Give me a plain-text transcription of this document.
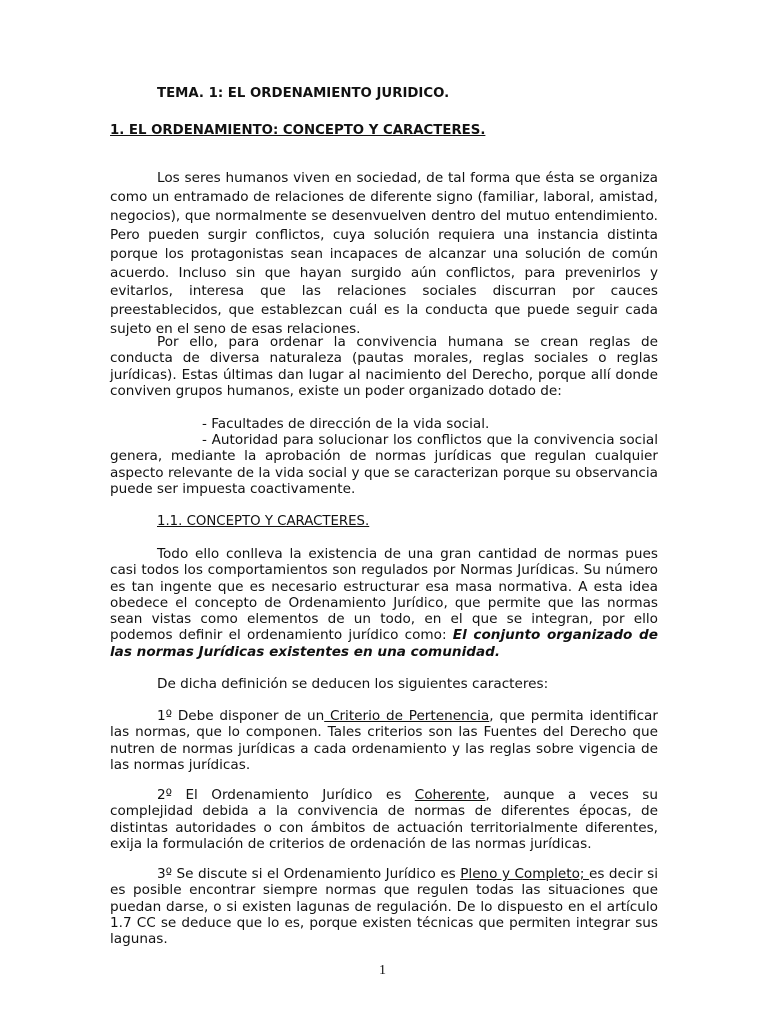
TEMA. 1: EL ORDENAMIENTO JURIDICO.
1. EL ORDENAMIENTO: CONCEPTO Y CARACTERES.

Los seres humanos viven en sociedad, de tal forma que ésta se organiza como un entramado de relaciones de diferente signo (familiar, laboral, amistad, negocios), que normalmente se desenvuelven dentro del mutuo entendimiento. Pero pueden surgir conflictos, cuya solución requiera una instancia distinta porque los protagonistas sean incapaces de alcanzar una solución de común acuerdo. Incluso sin que hayan surgido aún conflictos, para prevenirlos y evitarlos, interesa que las relaciones sociales discurran por cauces preestablecidos, que establezcan cuál es la conducta que puede seguir cada sujeto en el seno de esas relaciones.

Por ello, para ordenar la convivencia humana se crean reglas de conducta de diversa naturaleza (pautas morales, reglas sociales o reglas jurídicas). Estas últimas dan lugar al nacimiento del Derecho, porque allí donde conviven grupos humanos, existe un poder organizado dotado de:

- Facultades de dirección de la vida social.

- Autoridad para solucionar los conflictos que la convivencia social genera, mediante la aprobación de normas jurídicas que regulan cualquier aspecto relevante de la vida social y que se caracterizan porque su observancia puede ser impuesta coactivamente.

1.1. CONCEPTO Y CARACTERES.

Todo ello conlleva la existencia de una gran cantidad de normas pues casi todos los comportamientos son regulados por Normas Jurídicas. Su número es tan ingente que es necesario estructurar esa masa normativa. A esta idea obedece el concepto de Ordenamiento Jurídico, que permite que las normas sean vistas como elementos de un todo, en el que se integran, por ello podemos definir el ordenamiento jurídico como: El conjunto organizado de las normas Jurídicas existentes en una comunidad.

De dicha definición se deducen los siguientes caracteres:

1º Debe disponer de un Criterio de Pertenencia, que permita identificar las normas, que lo componen. Tales criterios son las Fuentes del Derecho que nutren de normas jurídicas a cada ordenamiento y las reglas sobre vigencia de las normas jurídicas.

2º El Ordenamiento Jurídico es Coherente, aunque a veces su complejidad debida a la convivencia de normas de diferentes épocas, de distintas autoridades o con ámbitos de actuación territorialmente diferentes, exija la formulación de criterios de ordenación de las normas jurídicas.

3º Se discute si el Ordenamiento Jurídico es Pleno y Completo; es decir si es posible encontrar siempre normas que regulen todas las situaciones que puedan darse, o si existen lagunas de regulación. De lo dispuesto en el artículo 1.7 CC se deduce que lo es, porque existen técnicas que permiten integrar sus lagunas.

1
